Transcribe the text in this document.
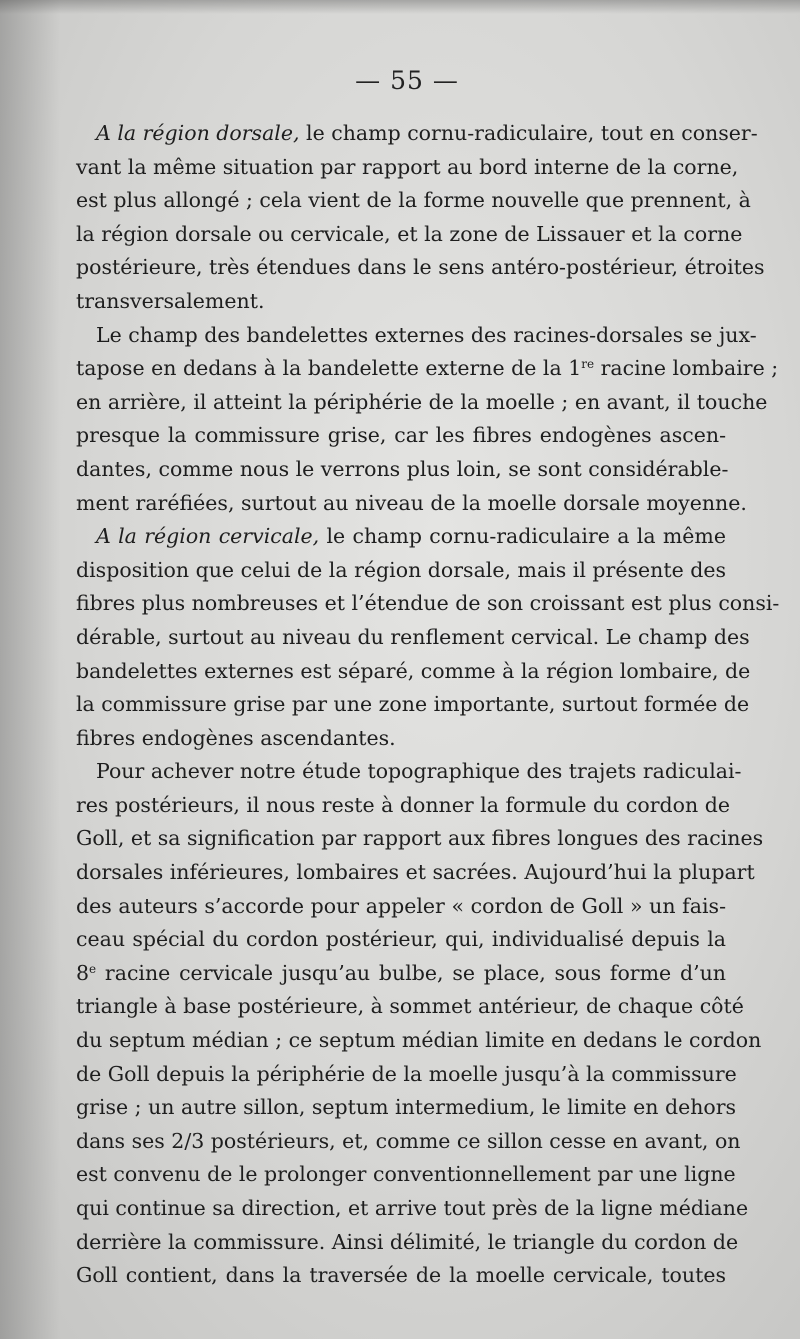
— 55 —
A la région dorsale, le champ cornu-radiculaire, tout en conser-
vant la même situation par rapport au bord interne de la corne,
est plus allongé ; cela vient de la forme nouvelle que prennent, à
la région dorsale ou cervicale, et la zone de Lissauer et la corne
postérieure, très étendues dans le sens antéro-postérieur, étroites
transversalement.
Le champ des bandelettes externes des racines-dorsales se jux-
tapose en dedans à la bandelette externe de la 1re racine lombaire ;
en arrière, il atteint la périphérie de la moelle ; en avant, il touche
presque la commissure grise, car les fibres endogènes ascen-
dantes, comme nous le verrons plus loin, se sont considérable-
ment raréfiées, surtout au niveau de la moelle dorsale moyenne.
A la région cervicale, le champ cornu-radiculaire a la même
disposition que celui de la région dorsale, mais il présente des
fibres plus nombreuses et l’étendue de son croissant est plus consi-
dérable, surtout au niveau du renflement cervical. Le champ des
bandelettes externes est séparé, comme à la région lombaire, de
la commissure grise par une zone importante, surtout formée de
fibres endogènes ascendantes.
Pour achever notre étude topographique des trajets radiculai-
res postérieurs, il nous reste à donner la formule du cordon de
Goll, et sa signification par rapport aux fibres longues des racines
dorsales inférieures, lombaires et sacrées. Aujourd’hui la plupart
des auteurs s’accorde pour appeler « cordon de Goll » un fais-
ceau spécial du cordon postérieur, qui, individualisé depuis la
8e racine cervicale jusqu’au bulbe, se place, sous forme d’un
triangle à base postérieure, à sommet antérieur, de chaque côté
du septum médian ; ce septum médian limite en dedans le cordon
de Goll depuis la périphérie de la moelle jusqu’à la commissure
grise ; un autre sillon, septum intermedium, le limite en dehors
dans ses 2/3 postérieurs, et, comme ce sillon cesse en avant, on
est convenu de le prolonger conventionnellement par une ligne
qui continue sa direction, et arrive tout près de la ligne médiane
derrière la commissure. Ainsi délimité, le triangle du cordon de
Goll contient, dans la traversée de la moelle cervicale, toutes
